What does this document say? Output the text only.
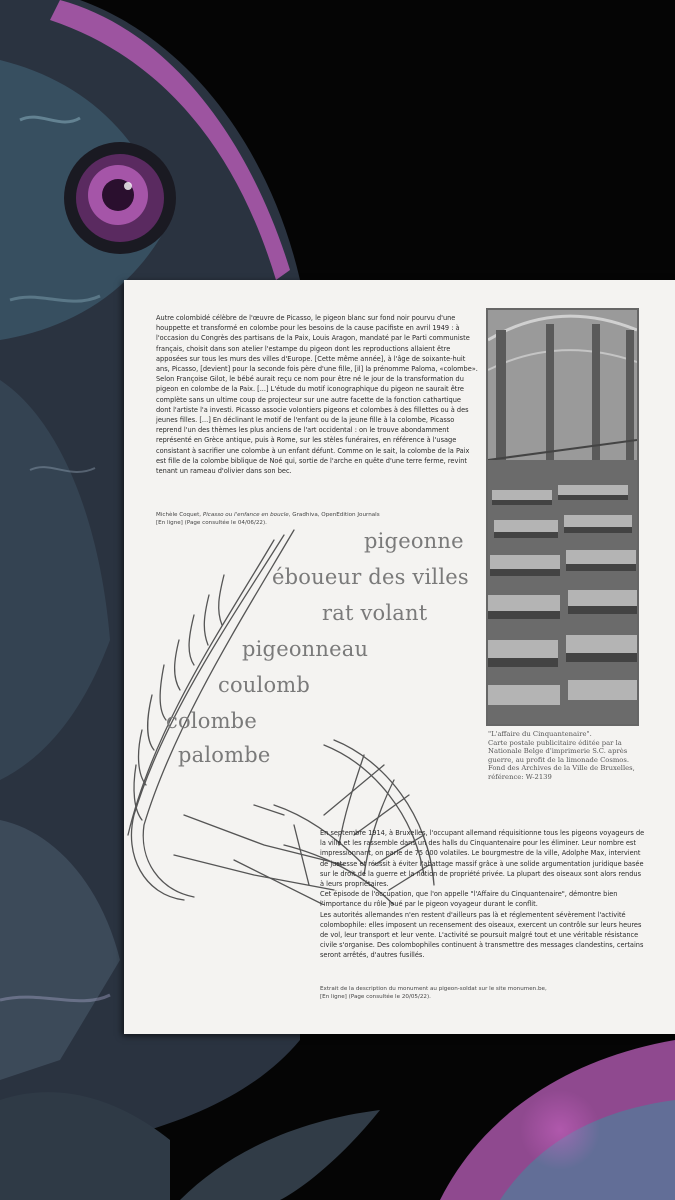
Autre colombidé célèbre de l'œuvre de Picasso, le pigeon blanc sur fond noir pourvu d'une houppette et transformé en colombe pour les besoins de la cause pacifiste en avril 1949 : à l'occasion du Congrès des partisans de la Paix, Louis Aragon, mandaté par le Parti communiste français, choisit dans son atelier l'estampe du pigeon dont les reproductions allaient être apposées sur tous les murs des villes d'Europe. [Cette même année], à l'âge de soixante-huit ans, Picasso, [devient] pour la seconde fois père d'une fille, [il] la prénomme Paloma, «colombe». Selon Françoise Gilot, le bébé aurait reçu ce nom pour être né le jour de la transformation du pigeon en colombe de la Paix. [...] L'étude du motif iconographique du pigeon ne saurait être complète sans un ultime coup de projecteur sur une autre facette de la fonction cathartique dont l'artiste l'a investi. Picasso associe volontiers pigeons et colombes à des fillettes ou à des jeunes filles. [...] En déclinant le motif de l'enfant ou de la jeune fille à la colombe, Picasso reprend l'un des thèmes les plus anciens de l'art occidental : on le trouve abondamment représenté en Grèce antique, puis à Rome, sur les stèles funéraires, en référence à l'usage consistant à sacrifier une colombe à un enfant défunt. Comme on le sait, la colombe de la Paix est fille de la colombe biblique de Noé qui, sortie de l'arche en quête d'une terre ferme, revint tenant un rameau d'olivier dans son bec.

Michèle Coquet, Picasso ou l'enfance en boucle, Gradhiva, OpenEdition Journals
[En ligne] (Page consultée le 04/06/22).

"L'affaire du Cinquantenaire".
Carte postale publicitaire éditée par la Nationale Belge d'imprimerie S.C. après guerre, au profit de la limonade Cosmos.
Fond des Archives de la Ville de Bruxelles, référence: W-2139

pigeonne
éboueur des villes
rat volant
pigeonneau
coulomb
colombe
palombe

En septembre 1914, à Bruxelles, l'occupant allemand réquisitionne tous les pigeons voyageurs de la ville et les rassemble dans un des halls du Cinquantenaire pour les éliminer. Leur nombre est impressionnant, on parle de 75 000 volatiles. Le bourgmestre de la ville, Adolphe Max, intervient de justesse et réussit à éviter l'abattage massif grâce à une solide argumentation juridique basée sur le droit de la guerre et la notion de propriété privée. La plupart des oiseaux sont alors rendus à leurs propriétaires.

Cet épisode de l'occupation, que l'on appelle "l'Affaire du Cinquantenaire", démontre bien l'importance du rôle joué par le pigeon voyageur durant le conflit.

Les autorités allemandes n'en restent d'ailleurs pas là et réglementent sévèrement l'activité colombophile: elles imposent un recensement des oiseaux, exercent un contrôle sur leurs heures de vol, leur transport et leur vente. L'activité se poursuit malgré tout et une véritable résistance civile s'organise. Des colombophiles continuent à transmettre des messages clandestins, certains seront arrêtés, d'autres fusillés.

Extrait de la description du monument au pigeon-soldat sur le site monumen.be,
[En ligne] (Page consultée le 20/05/22).
